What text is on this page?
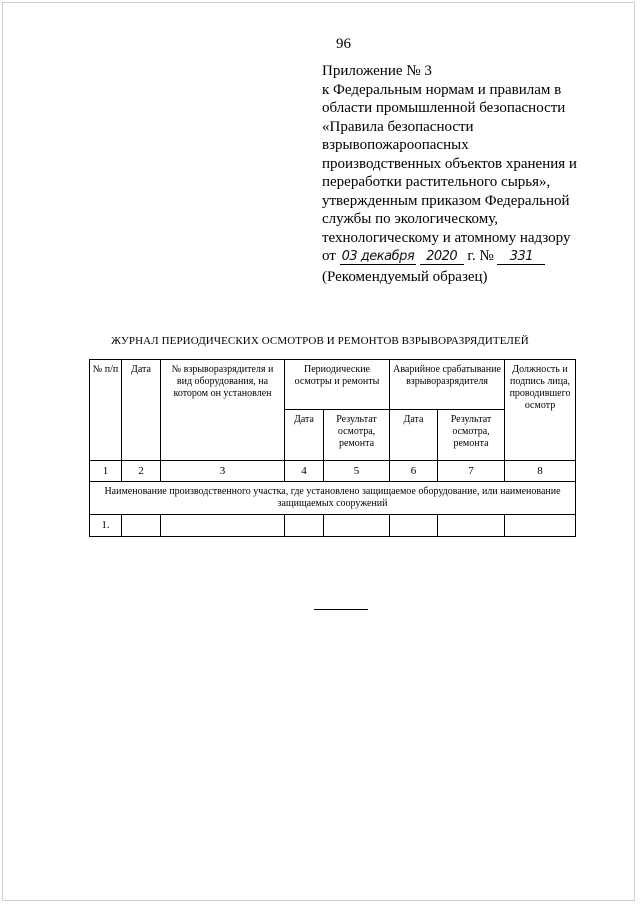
96
Приложение № 3
к Федеральным нормам и правилам в
области промышленной безопасности
«Правила безопасности
взрывопожароопасных
производственных объектов хранения и
переработки растительного сырья»,
утвержденным приказом Федеральной
службы по экологическому,
технологическому и атомному надзору
от 03 декабря 2020 г. № 331
(Рекомендуемый образец)
ЖУРНАЛ ПЕРИОДИЧЕСКИХ ОСМОТРОВ И РЕМОНТОВ ВЗРЫВОРАЗРЯДИТЕЛЕЙ
№ п/п	Дата	№ взрыворазрядителя и вид оборудования, на котором он установлен	Периодические осмотры и ремонты		Аварийное срабатывание взрыворазрядителя		Должность и подпись лица, проводившего осмотр
			Дата	Результат осмотра, ремонта	Дата	Результат осмотра, ремонта	
1	2	3	4	5	6	7	8
Наименование производственного участка, где установлено защищаемое оборудование, или наименование защищаемых сооружений							
1.							
